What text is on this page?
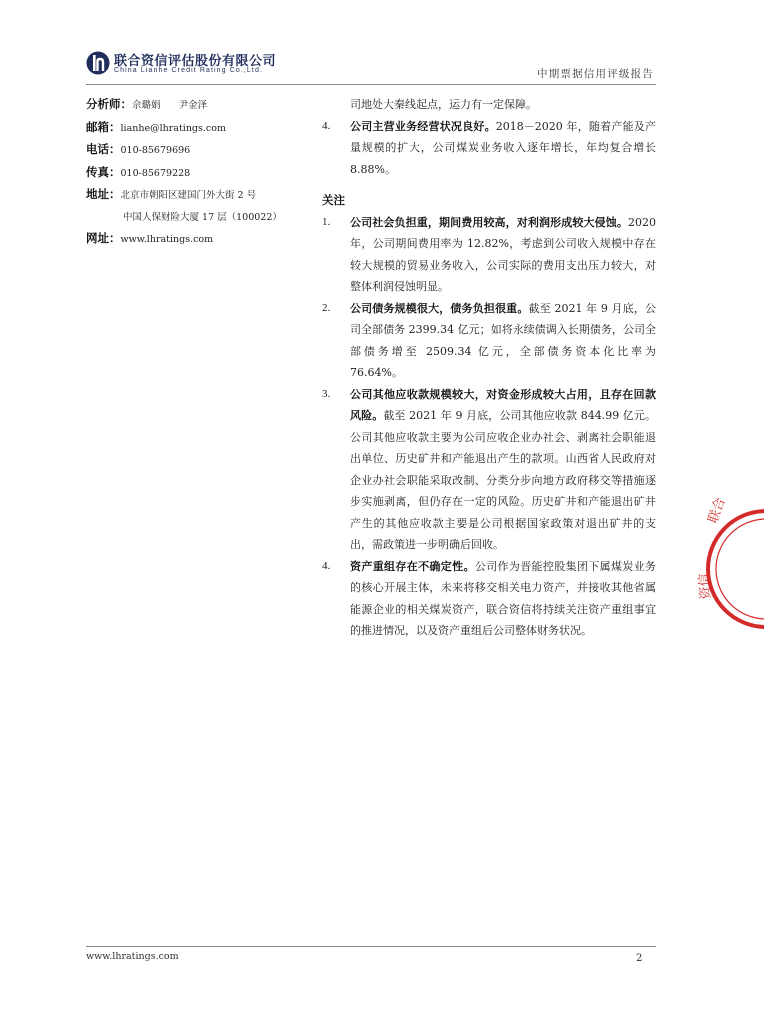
联合资信评估股份有限公司
China Lianhe Credit Rating Co.,Ltd.	中期票据信用评级报告
分析师：佘璐娟      尹金泽
邮箱：lianhe@lhratings.com
电话：010-85679696
传真：010-85679228
地址：北京市朝阳区建国门外大街 2 号
中国人保财险大厦 17 层（100022）
网址：www.lhratings.com
司地处大秦线起点，运力有一定保障。
4. 公司主营业务经营状况良好。2018－2020 年，随着产能及产量规模的扩大，公司煤炭业务收入逐年增长，年均复合增长 8.88%。
关注
1. 公司社会负担重，期间费用较高，对利润形成较大侵蚀。2020 年，公司期间费用率为 12.82%，考虑到公司收入规模中存在较大规模的贸易业务收入，公司实际的费用支出压力较大，对整体利润侵蚀明显。
2. 公司债务规模很大，债务负担很重。截至 2021 年 9 月底，公司全部债务 2399.34 亿元；如将永续债调入长期债务，公司全部债务增至 2509.34 亿元，全部债务资本化比率为 76.64%。
3. 公司其他应收款规模较大，对资金形成较大占用，且存在回款风险。截至 2021 年 9 月底，公司其他应收款 844.99 亿元。公司其他应收款主要为公司应收企业办社会、剥离社会职能退出单位、历史矿井和产能退出产生的款项。山西省人民政府对企业办社会职能采取改制、分类分步向地方政府移交等措施逐步实施剥离，但仍存在一定的风险。历史矿井和产能退出矿井产生的其他应收款主要是公司根据国家政策对退出矿井的支出，需政策进一步明确后回收。
4. 资产重组存在不确定性。公司作为晋能控股集团下属煤炭业务的核心开展主体，未来将移交相关电力资产，并接收其他省属能源企业的相关煤炭资产，联合资信将持续关注资产重组事宜的推进情况，以及资产重组后公司整体财务状况。
联合
资信
www.lhratings.com	2
